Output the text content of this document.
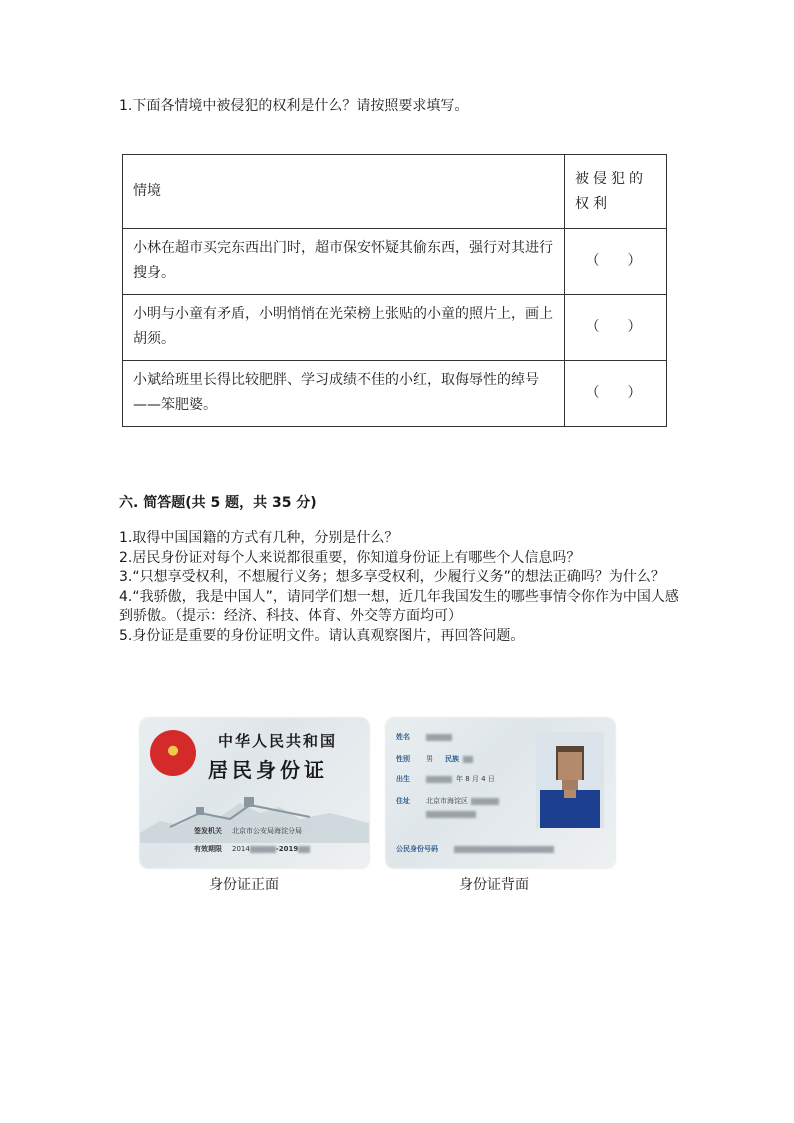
1.下面各情境中被侵犯的权利是什么？请按照要求填写。

情境	被侵犯的权利
小林在超市买完东西出门时，超市保安怀疑其偷东西，强行对其进行搜身。	（　　）
小明与小童有矛盾，小明悄悄在光荣榜上张贴的小童的照片上，画上胡须。	（　　）
小斌给班里长得比较肥胖、学习成绩不佳的小红，取侮辱性的绰号——笨肥婆。	（　　）

六. 简答题(共 5 题，共 35 分)

1.取得中国国籍的方式有几种，分别是什么？
2.居民身份证对每个人来说都很重要，你知道身份证上有哪些个人信息吗？
3.“只想享受权利，不想履行义务；想多享受权利，少履行义务”的想法正确吗？为什么？
4.“我骄傲，我是中国人”，请同学们想一想，近几年我国发生的哪些事情令你作为中国人感到骄傲。（提示：经济、科技、体育、外交等方面均可）
5.身份证是重要的身份证明文件。请认真观察图片，再回答问题。
中华人民共和国
居民身份证
签发机关 北京市公安局海淀分局
有效期限 2014	-2019
身份证正面
姓名
性别 男 民族
出生	年 8 月 4 日
住址 北京市海淀区
公民身份号码
身份证背面
